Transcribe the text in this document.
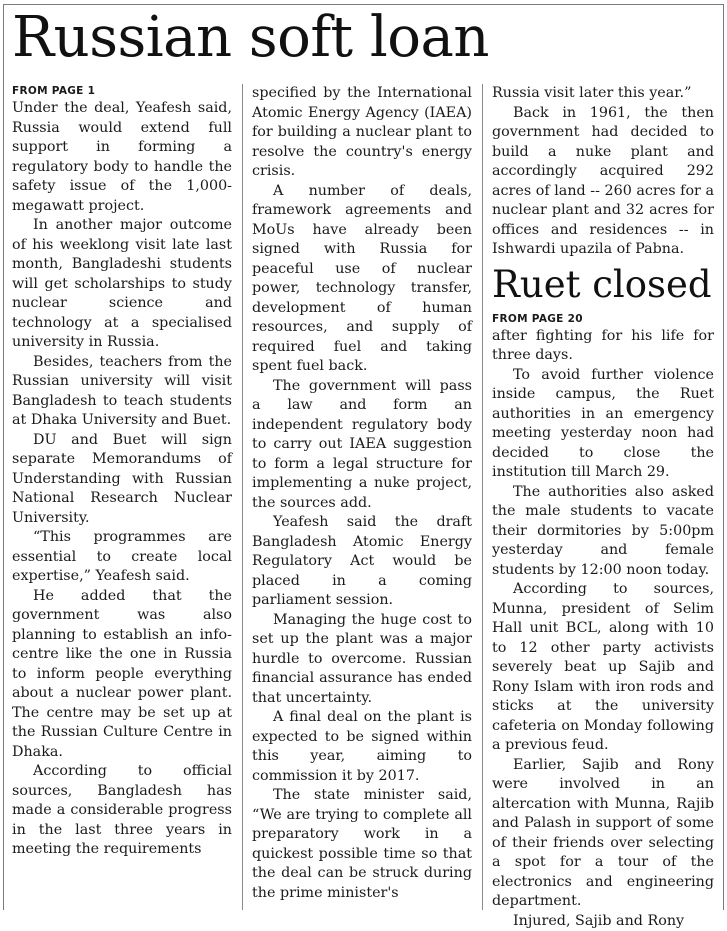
Russian soft loan
FROM PAGE 1

Under the deal, Yeafesh said, Russia would extend full support in forming a regulatory body to handle the safety issue of the 1,000-megawatt project.

In another major outcome of his weeklong visit late last month, Bangladeshi students will get scholarships to study nuclear science and technology at a specialised university in Russia.

Besides, teachers from the Russian university will visit Bangladesh to teach students at Dhaka University and Buet.

DU and Buet will sign separate Memorandums of Understanding with Russian National Research Nuclear University.

“This programmes are essential to create local expertise,” Yeafesh said.

He added that the government was also planning to establish an info-centre like the one in Russia to inform people everything about a nuclear power plant. The centre may be set up at the Russian Culture Centre in Dhaka.

According to official sources, Bangladesh has made a considerable progress in the last three years in meeting the requirements

specified by the International Atomic Energy Agency (IAEA) for building a nuclear plant to resolve the country's energy crisis.

A number of deals, framework agreements and MoUs have already been signed with Russia for peaceful use of nuclear power, technology transfer, development of human resources, and supply of required fuel and taking spent fuel back.

The government will pass a law and form an independent regulatory body to carry out IAEA suggestion to form a legal structure for implementing a nuke project, the sources add.

Yeafesh said the draft Bangladesh Atomic Energy Regulatory Act would be placed in a coming parliament session.

Managing the huge cost to set up the plant was a major hurdle to overcome. Russian financial assurance has ended that uncertainty.

A final deal on the plant is expected to be signed within this year, aiming to commission it by 2017.

The state minister said, “We are trying to complete all preparatory work in a quickest possible time so that the deal can be struck during the prime minister's

Russia visit later this year.”

Back in 1961, the then government had decided to build a nuke plant and accordingly acquired 292 acres of land -- 260 acres for a nuclear plant and 32 acres for offices and residences -- in Ishwardi upazila of Pabna.

Ruet closed
FROM PAGE 20

after fighting for his life for three days.

To avoid further violence inside campus, the Ruet authorities in an emergency meeting yesterday noon had decided to close the institution till March 29.

The authorities also asked the male students to vacate their dormitories by 5:00pm yesterday and female students by 12:00 noon today.

According to sources, Munna, president of Selim Hall unit BCL, along with 10 to 12 other party activists severely beat up Sajib and Rony Islam with iron rods and sticks at the university cafeteria on Monday following a previous feud.

Earlier, Sajib and Rony were involved in an altercation with Munna, Rajib and Palash in support of some of their friends over selecting a spot for a tour of the electronics and engineering department.

Injured, Sajib and Rony
